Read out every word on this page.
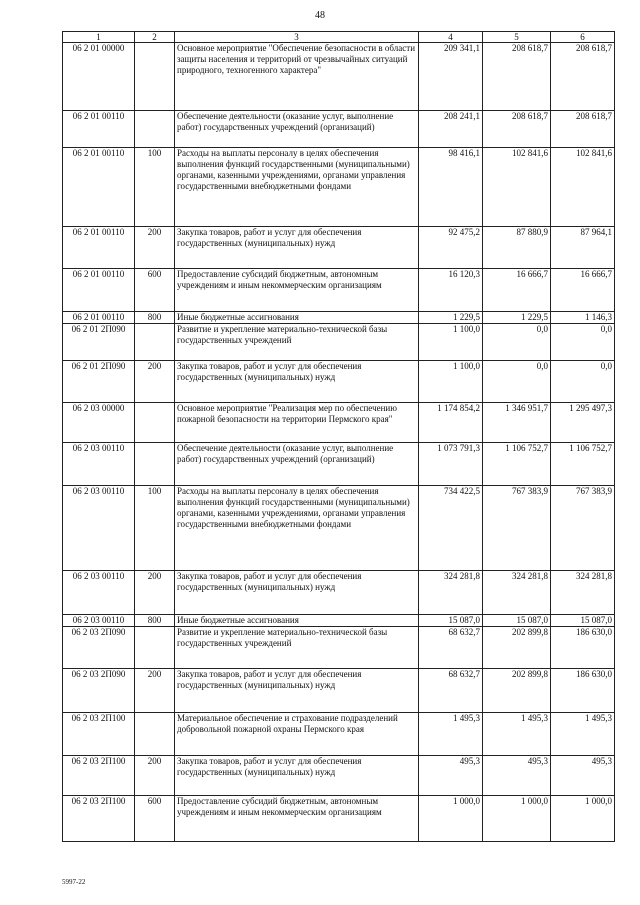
48
1	2	3	4	5	6
06 2 01 00000		Основное мероприятие "Обеспечение безопасности в области защиты населения и территорий от чрезвычайных ситуаций природного, техногенного характера"	209 341,1	208 618,7	208 618,7
06 2 01 00110		Обеспечение деятельности (оказание услуг, выполнение работ) государственных учреждений (организаций)	208 241,1	208 618,7	208 618,7
06 2 01 00110	100	Расходы на выплаты персоналу в целях обеспечения выполнения функций государственными (муниципальными) органами, казенными учреждениями, органами управления государственными внебюджетными фондами	98 416,1	102 841,6	102 841,6
06 2 01 00110	200	Закупка товаров, работ и услуг для обеспечения государственных (муниципальных) нужд	92 475,2	87 880,9	87 964,1
06 2 01 00110	600	Предоставление субсидий бюджетным, автономным учреждениям и иным некоммерческим организациям	16 120,3	16 666,7	16 666,7
06 2 01 00110	800	Иные бюджетные ассигнования	1 229,5	1 229,5	1 146,3
06 2 01 2П090		Развитие и укрепление материально-технической базы государственных учреждений	1 100,0	0,0	0,0
06 2 01 2П090	200	Закупка товаров, работ и услуг для обеспечения государственных (муниципальных) нужд	1 100,0	0,0	0,0
06 2 03 00000		Основное мероприятие "Реализация мер по обеспечению пожарной безопасности на территории Пермского края"	1 174 854,2	1 346 951,7	1 295 497,3
06 2 03 00110		Обеспечение деятельности (оказание услуг, выполнение работ) государственных учреждений (организаций)	1 073 791,3	1 106 752,7	1 106 752,7
06 2 03 00110	100	Расходы на выплаты персоналу в целях обеспечения выполнения функций государственными (муниципальными) органами, казенными учреждениями, органами управления государственными внебюджетными фондами	734 422,5	767 383,9	767 383,9
06 2 03 00110	200	Закупка товаров, работ и услуг для обеспечения государственных (муниципальных) нужд	324 281,8	324 281,8	324 281,8
06 2 03 00110	800	Иные бюджетные ассигнования	15 087,0	15 087,0	15 087,0
06 2 03 2П090		Развитие и укрепление материально-технической базы государственных учреждений	68 632,7	202 899,8	186 630,0
06 2 03 2П090	200	Закупка товаров, работ и услуг для обеспечения государственных (муниципальных) нужд	68 632,7	202 899,8	186 630,0
06 2 03 2П100		Материальное обеспечение и страхование подразделений добровольной пожарной охраны Пермского края	1 495,3	1 495,3	1 495,3
06 2 03 2П100	200	Закупка товаров, работ и услуг для обеспечения государственных (муниципальных) нужд	495,3	495,3	495,3
06 2 03 2П100	600	Предоставление субсидий бюджетным, автономным учреждениям и иным некоммерческим организациям	1 000,0	1 000,0	1 000,0
5997-22
